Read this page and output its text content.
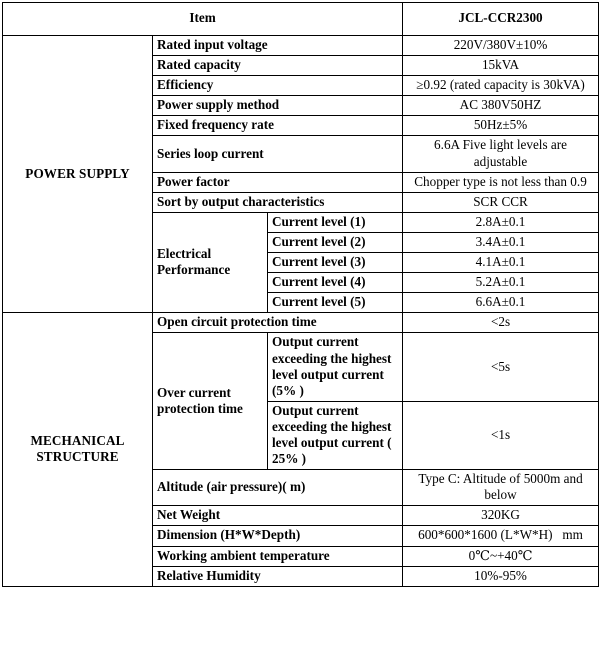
Item			JCL-CCR2300
POWER SUPPLY	Rated input voltage		220V/380V±10%
	Rated capacity		15kVA
	Efficiency		≥0.92 (rated capacity is 30kVA)
	Power supply method		AC 380V50HZ
	Fixed frequency rate		50Hz±5%
	Series loop current		6.6A Five light levels are adjustable
	Power factor		Chopper type is not less than 0.9
	Sort by output characteristics		SCR CCR
	Electrical Performance	Current level (1)	2.8A±0.1
		Current level (2)	3.4A±0.1
		Current level (3)	4.1A±0.1
		Current level (4)	5.2A±0.1
		Current level (5)	6.6A±0.1
MECHANICAL STRUCTURE	Open circuit protection time		<2s
	Over current protection time	Output current exceeding the highest level output current (5% )	<5s
		Output current exceeding the highest level output current ( 25% )	<1s
	Altitude (air pressure)( m)		Type C: Altitude of 5000m and below
	Net Weight		320KG
	Dimension (H*W*Depth)		600*600*1600 (L*W*H)  mm
	Working ambient temperature		0℃~+40℃
	Relative Humidity		10%-95%
